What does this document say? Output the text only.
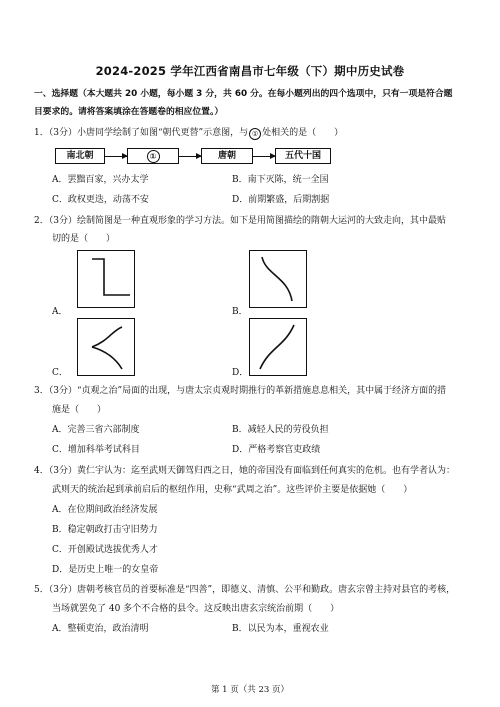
2024-2025 学年江西省南昌市七年级（下）期中历史试卷
一、选择题（本大题共 20 小题，每小题 3 分，共 60 分。在每小题列出的四个选项中，只有一项是符合题
目要求的。请将答案填涂在答题卷的相应位置。）
1．（3分）小唐同学绘制了如图“朝代更替”示意图，与 ① 处相关的是（　　）
南北朝	①	唐朝	五代十国
A．罢黜百家，兴办太学	B．南下灭陈，统一全国
C．政权更迭，动荡不安	D．前期繁盛，后期割据
2．（3分）绘制简图是一种直观形象的学习方法。如下是用简图描绘的隋朝大运河的大致走向，其中最贴
切的是（　　）
A．	B．
C．	D．
3．（3分）“贞观之治”局面的出现，与唐太宗贞观时期推行的革新措施息息相关，其中属于经济方面的措
施是（　　）
A．完善三省六部制度	B．减轻人民的劳役负担
C．增加科举考试科目	D．严格考察官吏政绩
4．（3分）黄仁宇认为：迄至武则天御驾归西之日，她的帝国没有面临到任何真实的危机。也有学者认为：
武则天的统治起到承前启后的枢纽作用，史称“武周之治”。这些评价主要是依据她（　　）
A．在位期间政治经济发展
B．稳定朝政打击守旧势力
C．开创殿试选拔优秀人才
D．是历史上唯一的女皇帝
5．（3分）唐朝考核官员的首要标准是“四善”，即德义、清慎、公平和勤政。唐玄宗曾主持对县官的考核，
当场就罢免了 40 多个不合格的县令。这反映出唐玄宗统治前期（　　）
A．整顿吏治，政治清明	B．以民为本，重视农业
第 1 页（共 23 页）
